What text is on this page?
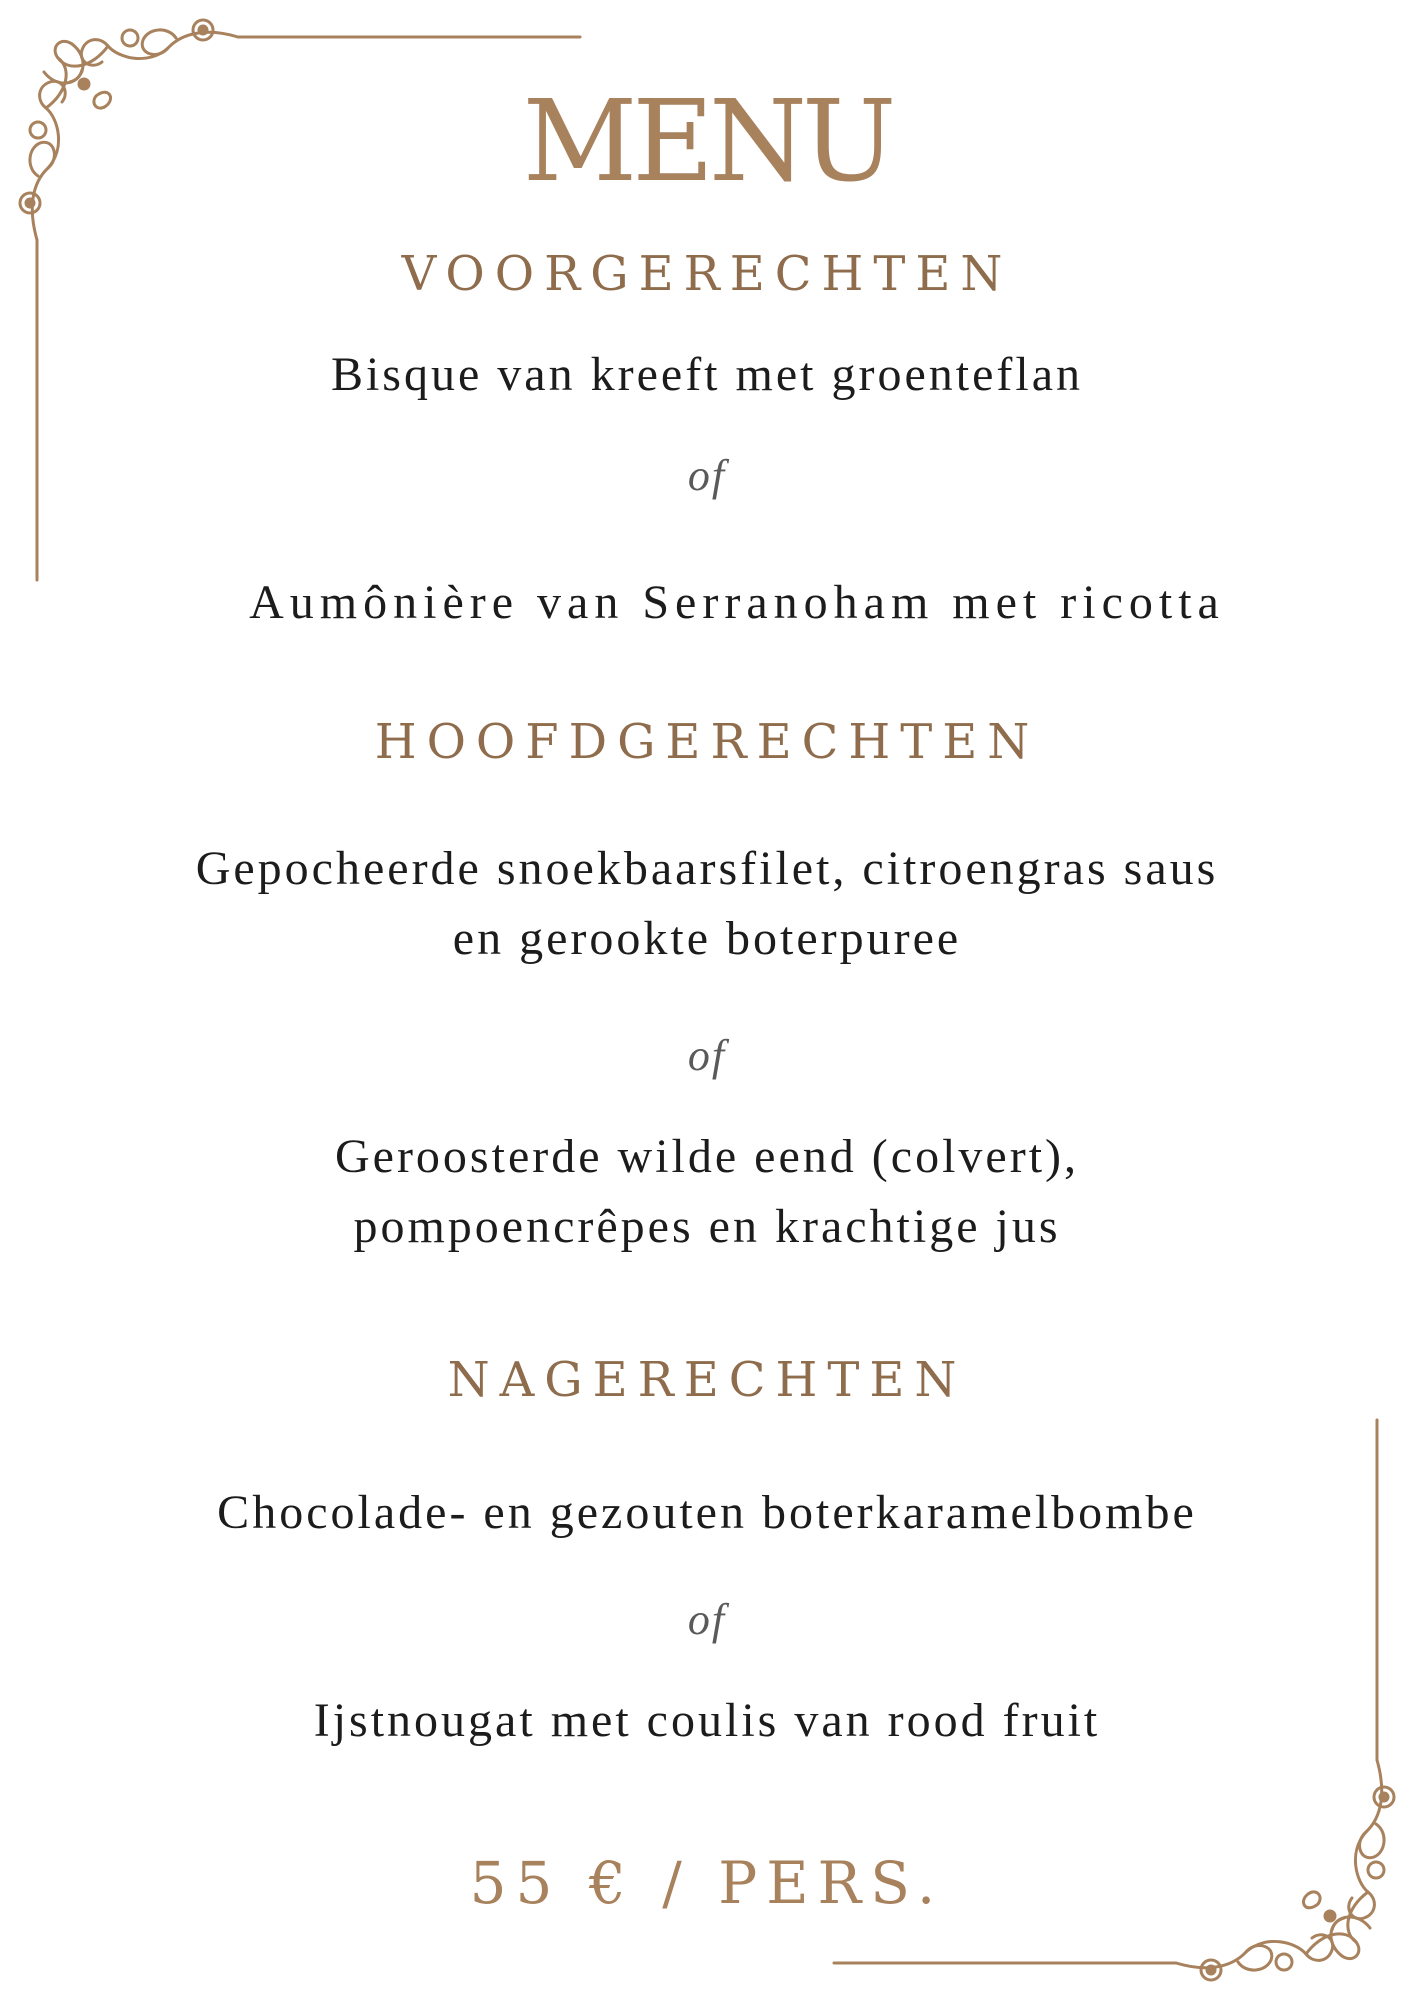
MENU
VOORGERECHTEN
Bisque van kreeft met groenteflan
of
Aumônière van Serranoham met ricotta
HOOFDGERECHTEN
Gepocheerde snoekbaarsfilet, citroengras saus
en gerookte boterpuree
of
Geroosterde wilde eend (colvert),
pompoencrêpes en krachtige jus
NAGERECHTEN
Chocolade- en gezouten boterkaramelbombe
of
Ijstnougat met coulis van rood fruit
55 € / PERS.
